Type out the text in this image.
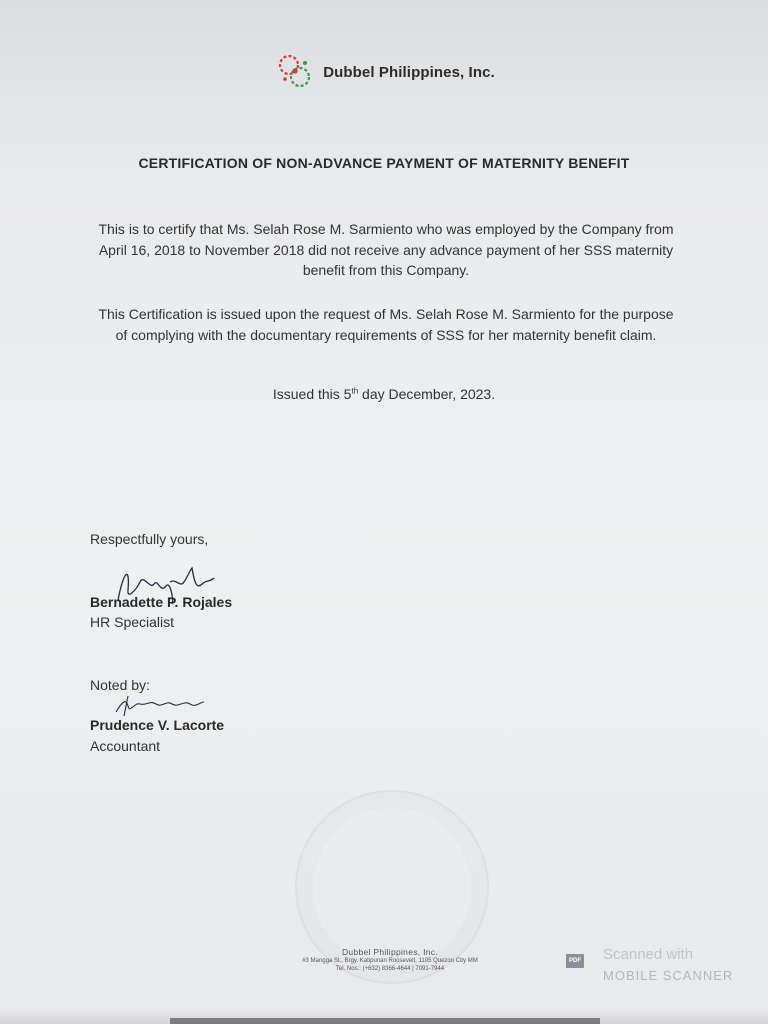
Dubbel Philippines, Inc.
CERTIFICATION OF NON-ADVANCE PAYMENT OF MATERNITY BENEFIT
This is to certify that Ms. Selah Rose M. Sarmiento who was employed by the Company from April 16, 2018 to November 2018 did not receive any advance payment of her SSS maternity benefit from this Company.
This Certification is issued upon the request of Ms. Selah Rose M. Sarmiento for the purpose of complying with the documentary requirements of SSS for her maternity benefit claim.
Issued this 5th day December, 2023.
Respectfully yours,
Bernadette P. Rojales
HR Specialist
Noted by:
Prudence V. Lacorte
Accountant
Dubbel Philippines, Inc.
#3 Mangga St., Brgy. Katipunan Roosevelt, 1105 Quezon City MM
Tel. Nos.: (+632) 8366-4644 | 7091-7944
PDF Scanned with
MOBILE SCANNER
